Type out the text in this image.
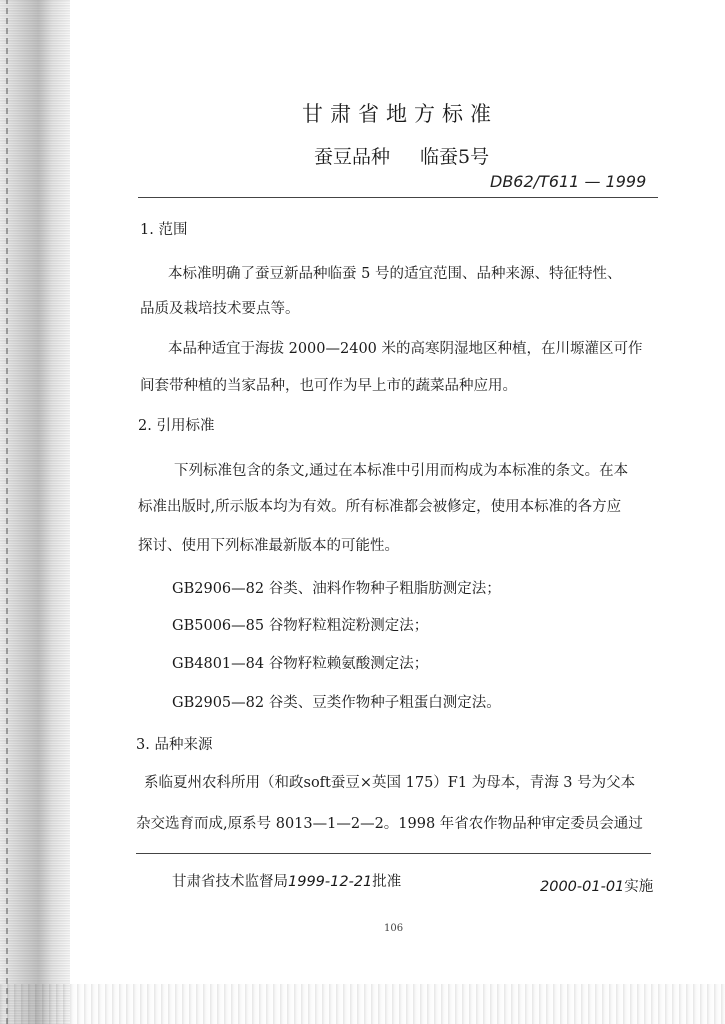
甘肃省地方标准
蚕豆品种 临蚕5号
DB62/T611 — 1999
1. 范围
本标准明确了蚕豆新品种临蚕 5 号的适宜范围、品种来源、特征特性、
品质及栽培技术要点等。
本品种适宜于海拔 2000—2400 米的高寒阴湿地区种植，在川塬灌区可作
间套带种植的当家品种，也可作为早上市的蔬菜品种应用。
2. 引用标准
下列标准包含的条文,通过在本标准中引用而构成为本标准的条文。在本
标准出版时,所示版本均为有效。所有标准都会被修定，使用本标准的各方应
探讨、使用下列标准最新版本的可能性。
GB2906—82 谷类、油料作物种子粗脂肪测定法；
GB5006—85 谷物籽粒粗淀粉测定法；
GB4801—84 谷物籽粒赖氨酸测定法；
GB2905—82 谷类、豆类作物种子粗蛋白测定法。
3. 品种来源
系临夏州农科所用（和政soft蚕豆×英国 175）F1 为母本，青海 3 号为父本
杂交选育而成,原系号 8013—1—2—2。1998 年省农作物品种审定委员会通过
甘肃省技术监督局1999-12-21批准	2000-01-01实施
106
